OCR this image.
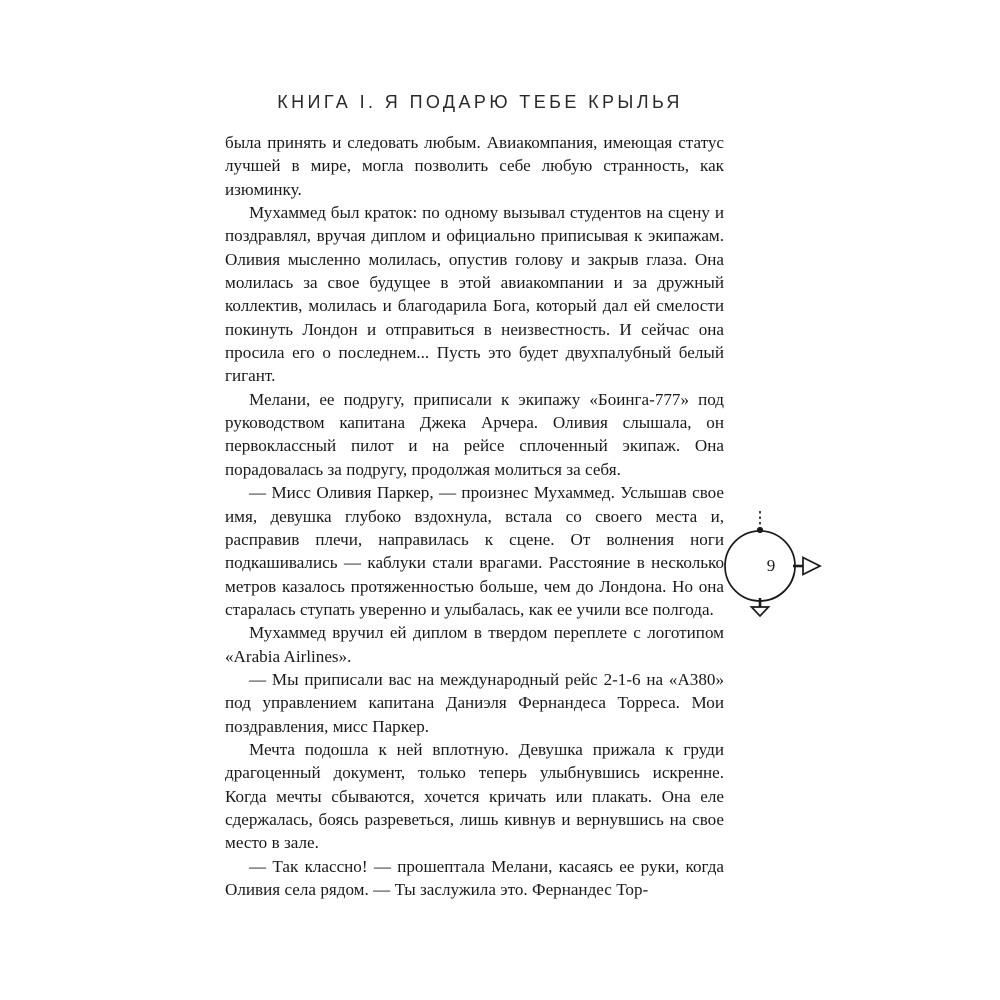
КНИГА I. Я ПОДАРЮ ТЕБЕ КРЫЛЬЯ

была принять и следовать любым. Авиакомпания, имеющая статус лучшей в мире, могла позволить себе любую странность, как изюминку.

Мухаммед был краток: по одному вызывал студентов на сцену и поздравлял, вручая диплом и официально приписывая к экипажам. Оливия мысленно молилась, опустив голову и закрыв глаза. Она молилась за свое будущее в этой авиакомпании и за дружный коллектив, молилась и благодарила Бога, который дал ей смелости покинуть Лондон и отправиться в неизвестность. И сейчас она просила его о последнем... Пусть это будет двухпалубный белый гигант.

Мелани, ее подругу, приписали к экипажу «Боинга-777» под руководством капитана Джека Арчера. Оливия слышала, он первоклассный пилот и на рейсе сплоченный экипаж. Она порадовалась за подругу, продолжая молиться за себя.

— Мисс Оливия Паркер, — произнес Мухаммед. Услышав свое имя, девушка глубоко вздохнула, встала со своего места и, расправив плечи, направилась к сцене. От волнения ноги подкашивались — каблуки стали врагами. Расстояние в несколько метров казалось протяженностью больше, чем до Лондона. Но она старалась ступать уверенно и улыбалась, как ее учили все полгода.

Мухаммед вручил ей диплом в твердом переплете с логотипом «Arabia Airlines».

— Мы приписали вас на международный рейс 2-1-6 на «А380» под управлением капитана Даниэля Фернандеса Торреса. Мои поздравления, мисс Паркер.

Мечта подошла к ней вплотную. Девушка прижала к груди драгоценный документ, только теперь улыбнувшись искренне. Когда мечты сбываются, хочется кричать или плакать. Она еле сдержалась, боясь разреветься, лишь кивнув и вернувшись на свое место в зале.

— Так классно! — прошептала Мелани, касаясь ее руки, когда Оливия села рядом. — Ты заслужила это. Фернандес Тор-

9
